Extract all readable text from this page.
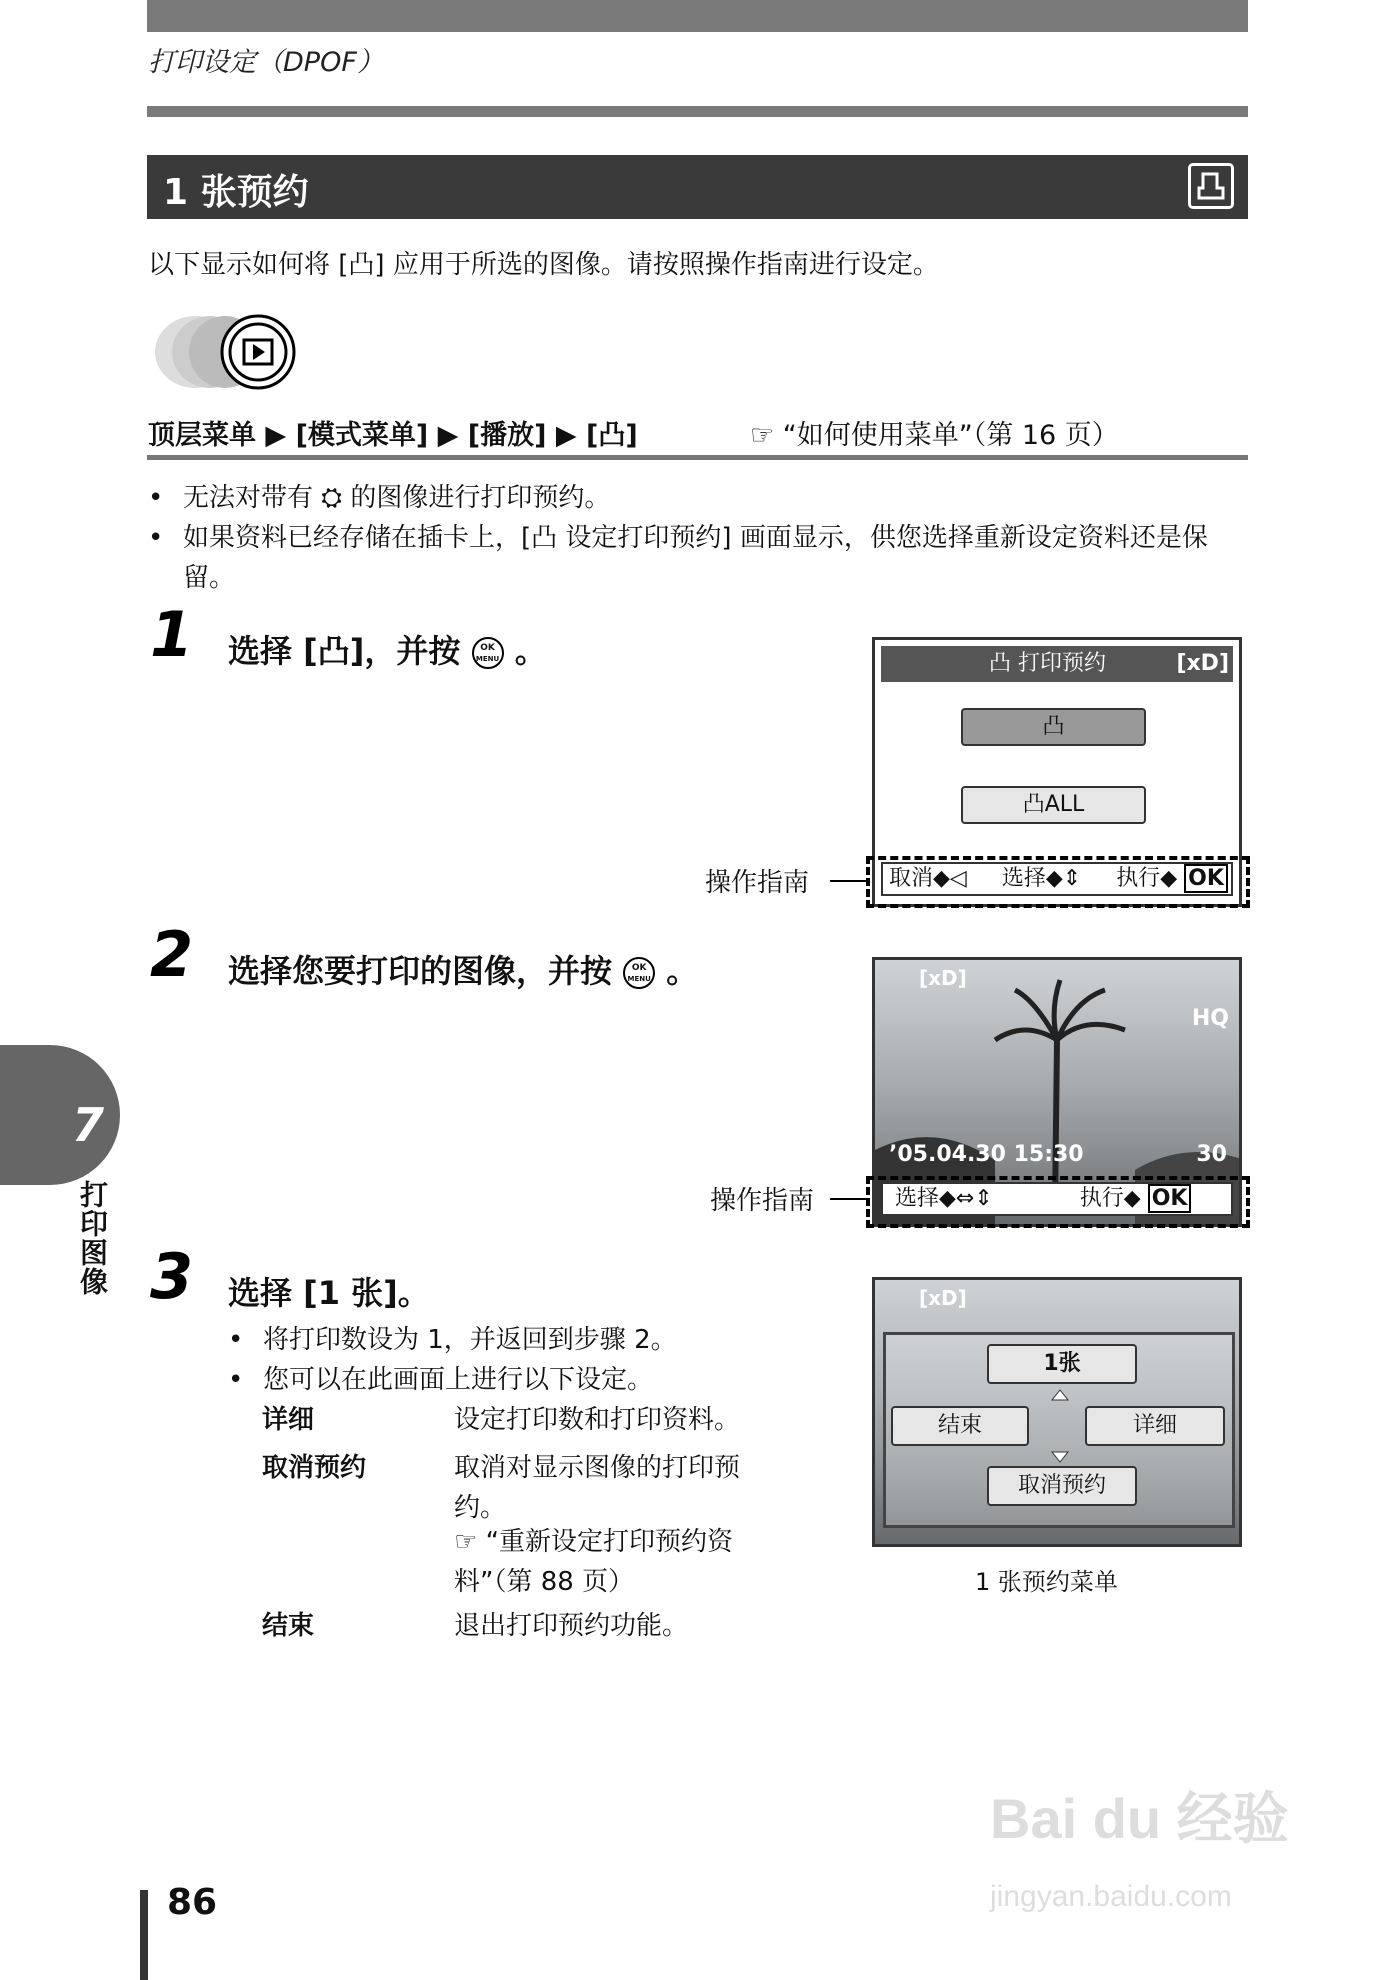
打印设定（DPOF）
1 张预约
以下显示如何将 [凸] 应用于所选的图像。请按照操作指南进行设定。
顶层菜单 ▶ [模式菜单] ▶ [播放] ▶ [凸]	☞ “如何使用菜单”（第 16 页）
• 无法对带有 ⛭ 的图像进行打印预约。
• 如果资料已经存储在插卡上，[凸 设定打印预约] 画面显示，供您选择重新设定资料还是保留。
1 选择 [凸]，并按 OK
MENU 。	凸 打印预约	[xD]
凸
凸ALL
取消◆◁ 选择◆⇕ 执行◆ OK
操作指南
2 选择您要打印的图像，并按 OK
MENU 。	[xD]
HQ
’05.04.30 15:30	30
选择◆⇔⇕	执行◆ OK
操作指南
7
打印图像 3 选择 [1 张]。
• 将打印数设为 1，并返回到步骤 2。
• 您可以在此画面上进行以下设定。
详细	设定打印数和打印资料。
取消预约	取消对显示图像的打印预约。
☞ “重新设定打印预约资料”（第 88 页）
结束	退出打印预约功能。
[xD]
1张
结束	详细
取消预约
1 张预约菜单
86
Bai du 经验
jingyan.baidu.com
